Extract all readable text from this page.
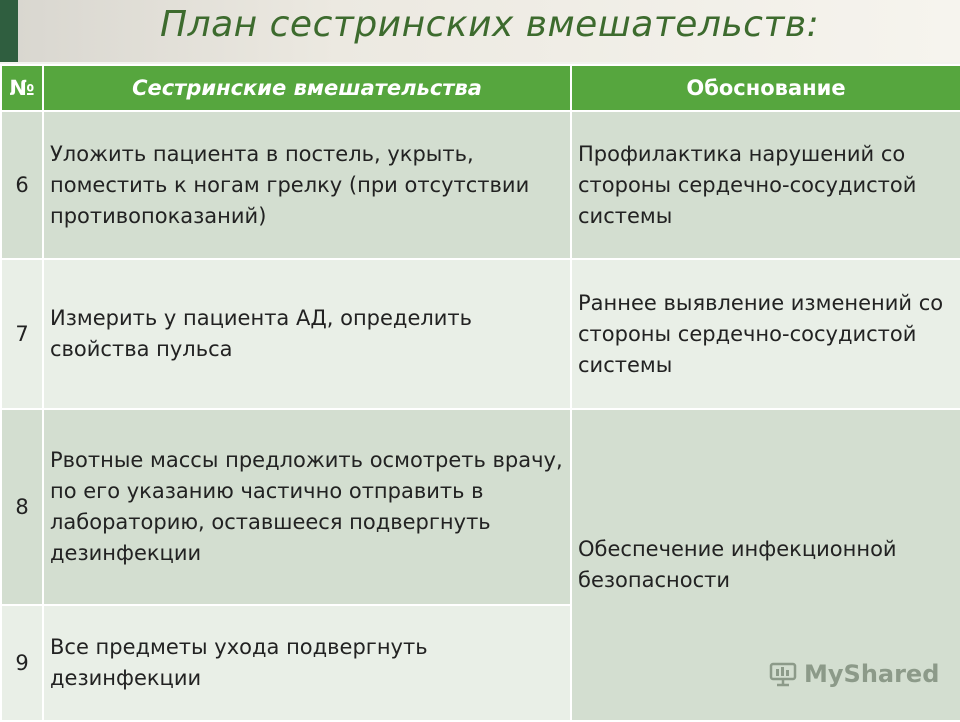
План сестринских вмешательств:
№	Сестринские вмешательства	Обоснование
6	Уложить пациента в постель, укрыть, поместить к ногам грелку (при отсутствии противопоказаний)	Профилактика нарушений со стороны сердечно-сосудистой системы
7	Измерить у пациента АД, определить свойства пульса	Раннее выявление изменений со стороны сердечно-сосудистой системы
8	Рвотные массы предложить осмотреть врачу, по его указанию частично отправить в лабораторию, оставшееся подвергнуть дезинфекции	Обеспечение инфекционной безопасности
9	Все предметы ухода подвергнуть дезинфекции		MyShared
